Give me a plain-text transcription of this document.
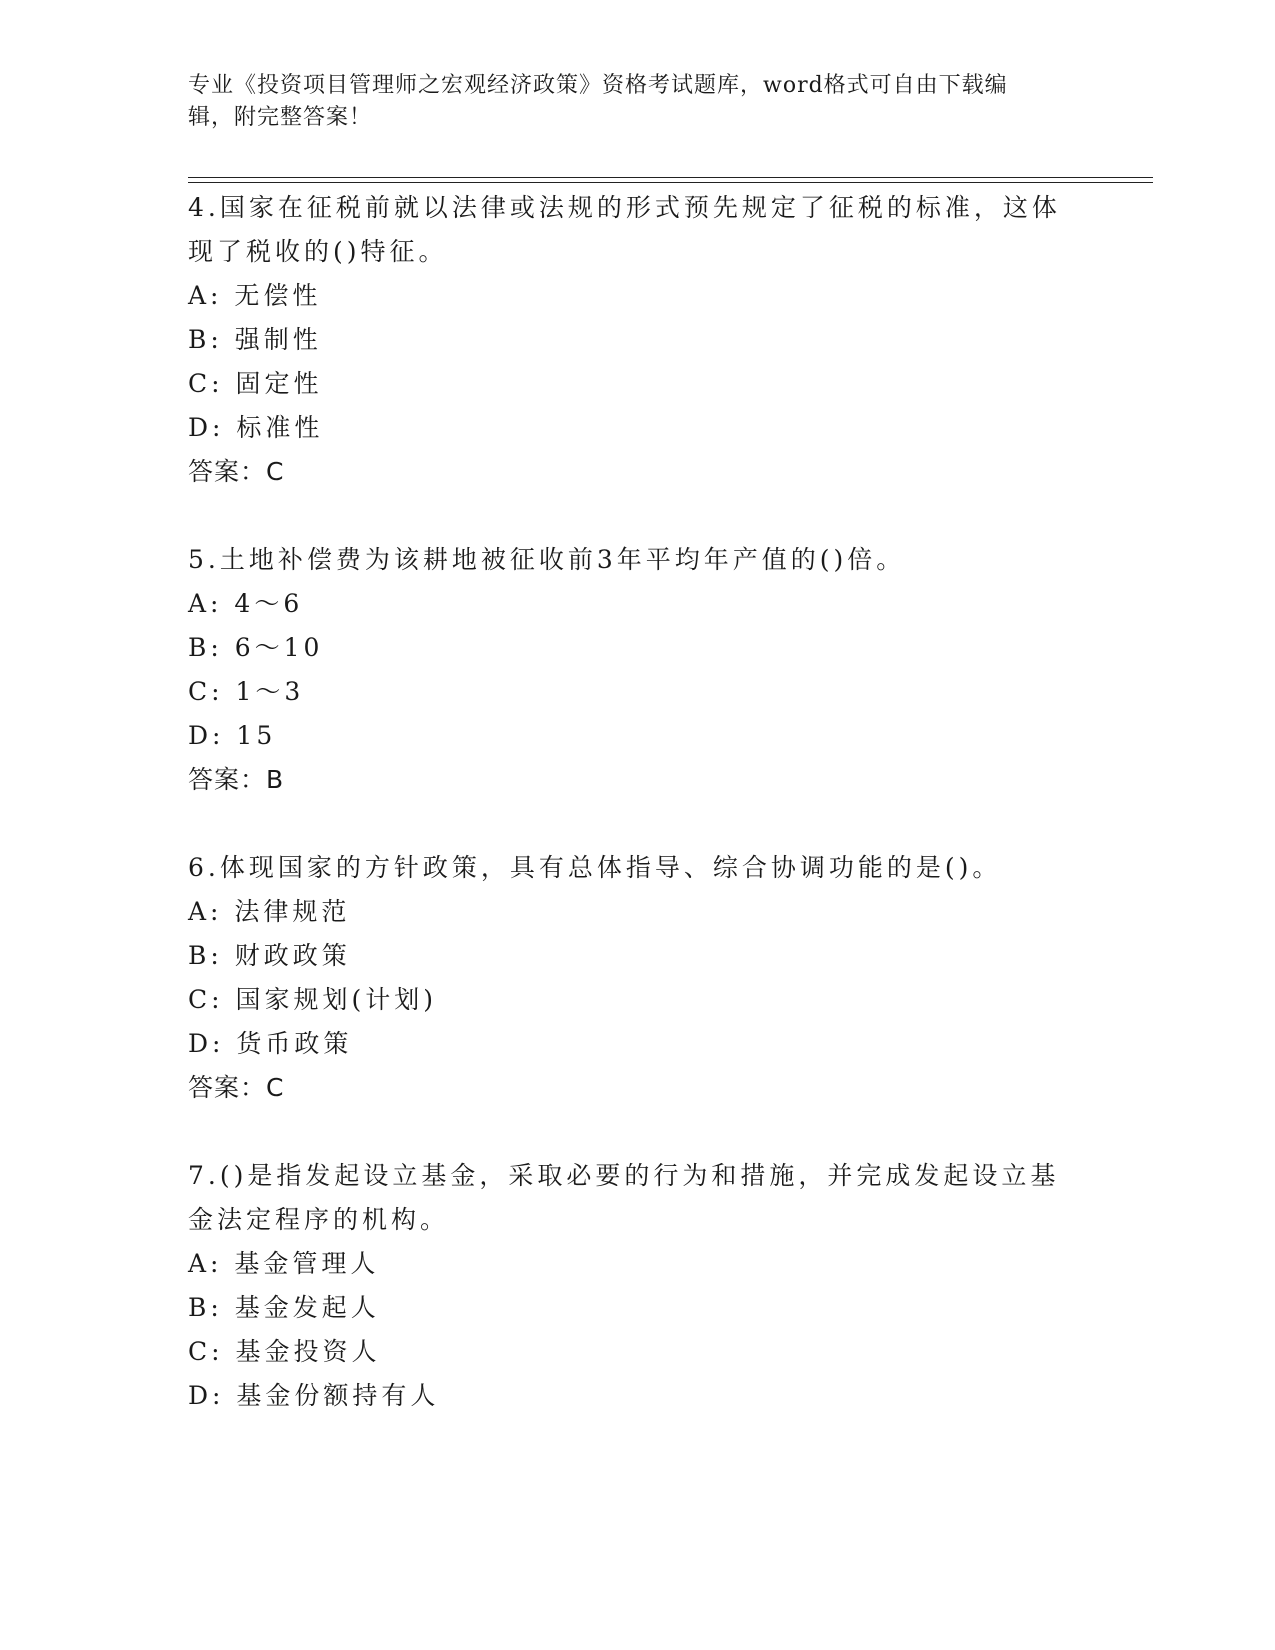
专业《投资项目管理师之宏观经济政策》资格考试题库，word格式可自由下载编
辑，附完整答案！
4.国家在征税前就以法律或法规的形式预先规定了征税的标准，这体
现了税收的()特征。
A: 无偿性
B: 强制性
C: 固定性
D: 标准性
答案：C
5.土地补偿费为该耕地被征收前3年平均年产值的()倍。
A: 4～6
B: 6～10
C: 1～3
D: 15
答案：B
6.体现国家的方针政策，具有总体指导、综合协调功能的是()。
A: 法律规范
B: 财政政策
C: 国家规划(计划)
D: 货币政策
答案：C
7.()是指发起设立基金，采取必要的行为和措施，并完成发起设立基
金法定程序的机构。
A: 基金管理人
B: 基金发起人
C: 基金投资人
D: 基金份额持有人
